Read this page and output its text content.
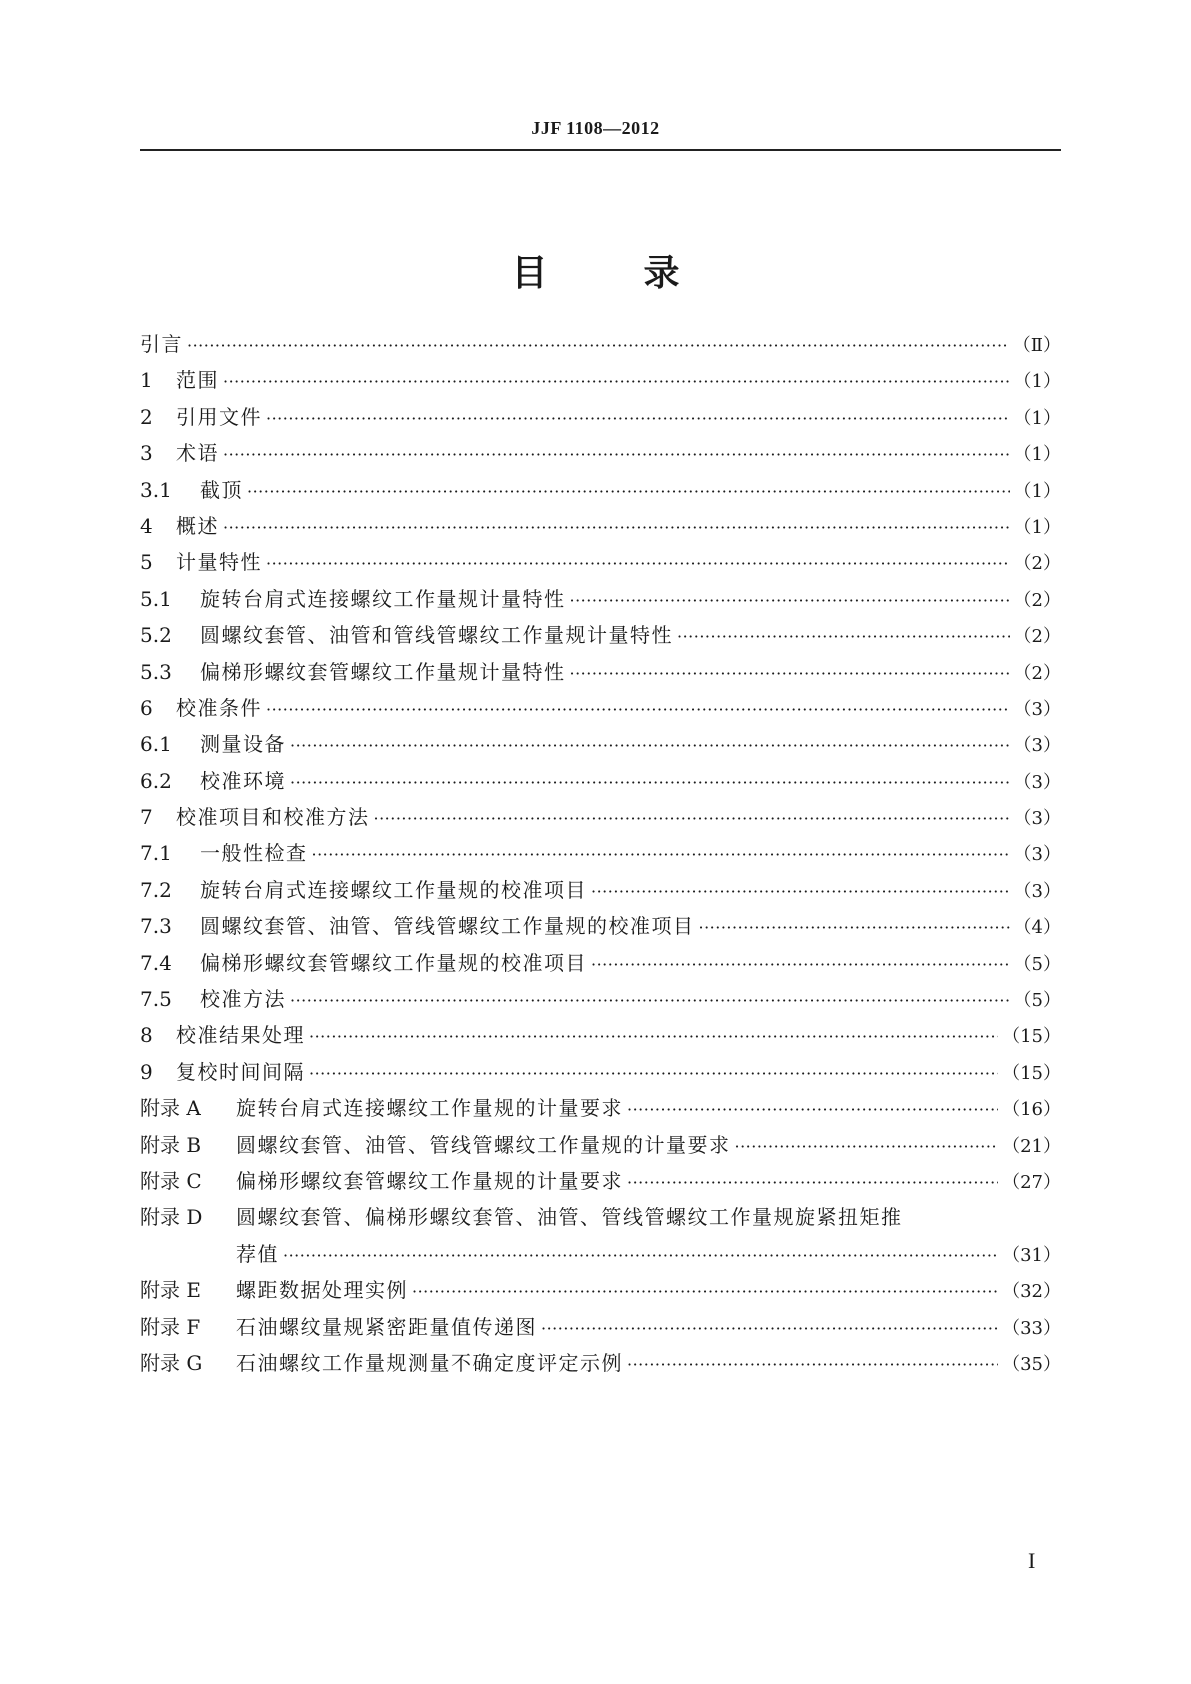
JJF 1108—2012
目	录
引言 ·····	（Ⅱ）
1	范围 ·····	（1）
2	引用文件 ·····	（1）
3	术语 ·····	（1）
3.1	截顶 ·····	（1）
4	概述 ·····	（1）
5	计量特性 ·····	（2）
5.1	旋转台肩式连接螺纹工作量规计量特性 ·····	（2）
5.2	圆螺纹套管、油管和管线管螺纹工作量规计量特性 ·····	（2）
5.3	偏梯形螺纹套管螺纹工作量规计量特性 ·····	（2）
6	校准条件 ·····	（3）
6.1	测量设备 ·····	（3）
6.2	校准环境 ·····	（3）
7	校准项目和校准方法 ·····	（3）
7.1	一般性检查 ·····	（3）
7.2	旋转台肩式连接螺纹工作量规的校准项目 ·····	（3）
7.3	圆螺纹套管、油管、管线管螺纹工作量规的校准项目 ·····	（4）
7.4	偏梯形螺纹套管螺纹工作量规的校准项目 ·····	（5）
7.5	校准方法 ·····	（5）
8	校准结果处理 ·····	（15）
9	复校时间间隔 ·····	（15）
附录 A	旋转台肩式连接螺纹工作量规的计量要求 ·····	（16）
附录 B	圆螺纹套管、油管、管线管螺纹工作量规的计量要求 ·····	（21）
附录 C	偏梯形螺纹套管螺纹工作量规的计量要求 ·····	（27）
附录 D	圆螺纹套管、偏梯形螺纹套管、油管、管线管螺纹工作量规旋紧扭矩推
荐值 ·····	（31）
附录 E	螺距数据处理实例 ·····	（32）
附录 F	石油螺纹量规紧密距量值传递图 ·····	（33）
附录 G	石油螺纹工作量规测量不确定度评定示例 ·····	（35）
I
